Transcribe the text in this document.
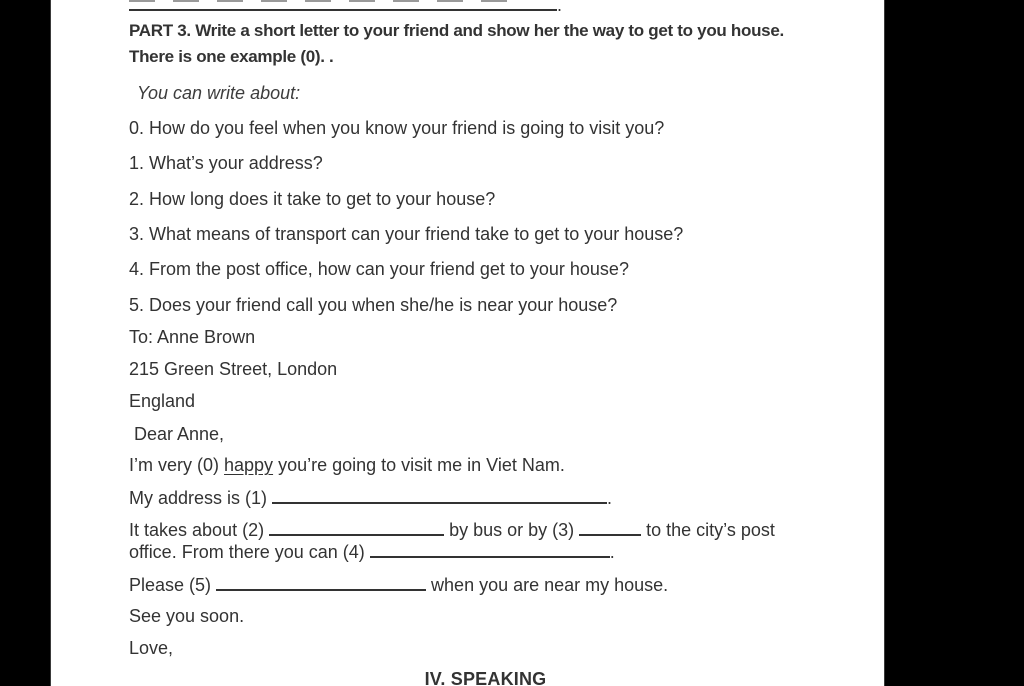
.
PART 3. Write a short letter to your friend and show her the way to get to you house.
There is one example (0). .
You can write about:
0. How do you feel when you know your friend is going to visit you?
1. What’s your address?
2. How long does it take to get to your house?
3. What means of transport can your friend take to get to your house?
4. From the post office, how can your friend get to your house?
5. Does your friend call you when she/he is near your house?
To: Anne Brown
215 Green Street, London
England
Dear Anne,
I’m very (0) happy you’re going to visit me in Viet Nam.
My address is (1)	.
It takes about (2)	by bus or by (3)	to the city’s post
office. From there you can (4)	.
Please (5)	when you are near my house.
See you soon.
Love,
IV. SPEAKING
